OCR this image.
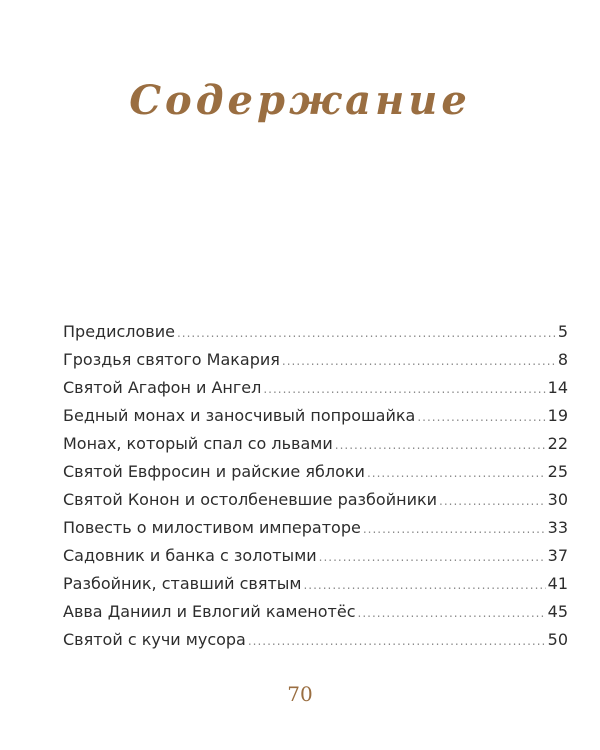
Содержание
Предисловие .....	5
Гроздья святого Макария .....	8
Святой Агафон и Ангел .....	14
Бедный монах и заносчивый попрошайка .....	19
Монах, который спал со львами .....	22
Святой Евфросин и райские яблоки .....	25
Святой Конон и остолбеневшие разбойники .....	30
Повесть о милостивом императоре .....	33
Садовник и банка с золотыми .....	37
Разбойник, ставший святым .....	41
Авва Даниил и Евлогий каменотёс .....	45
Святой с кучи мусора .....	50
70
